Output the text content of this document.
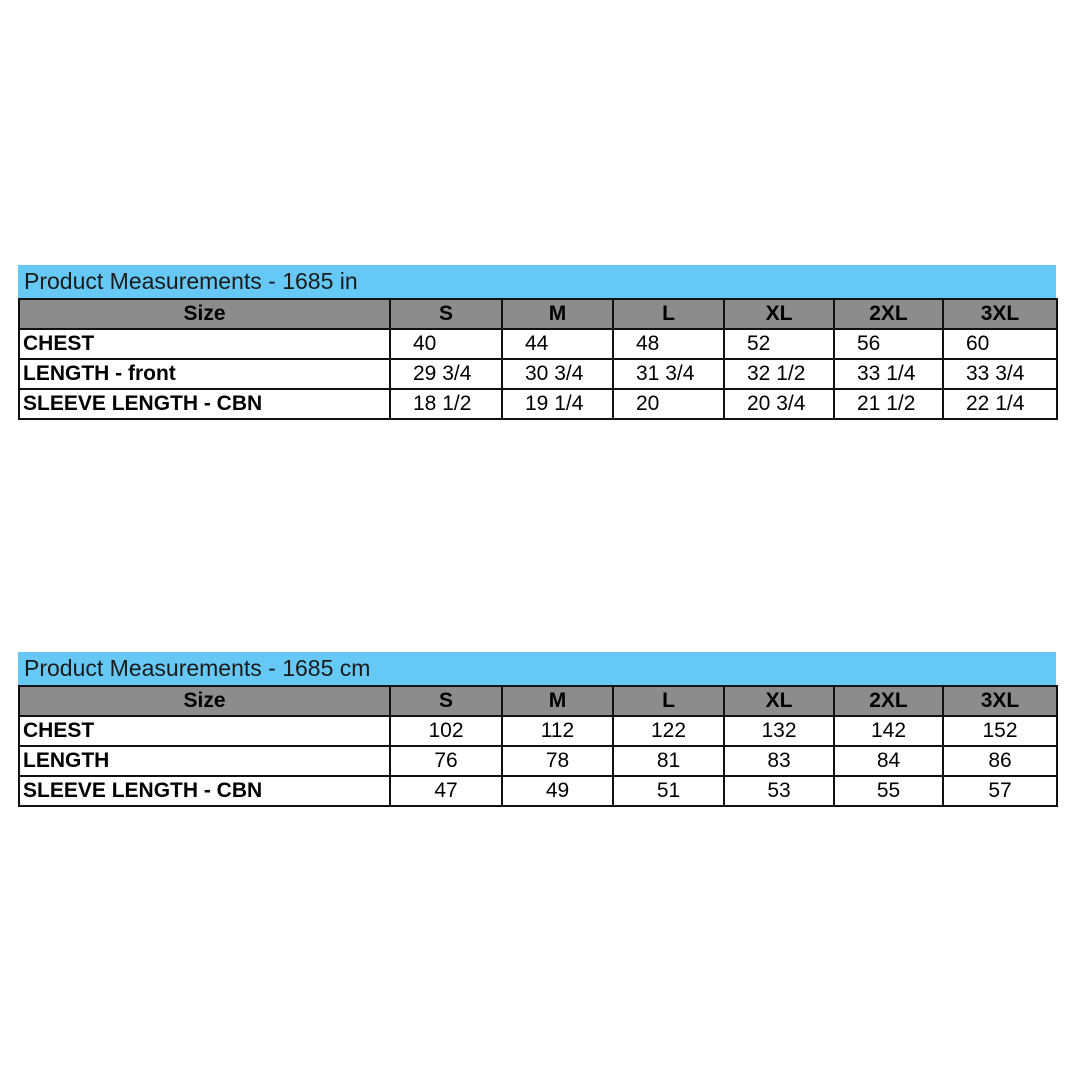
Product Measurements - 1685 in
Size	S	M	L	XL	2XL	3XL
CHEST	40	44	48	52	56	60
LENGTH - front	29 3/4	30 3/4	31 3/4	32 1/2	33 1/4	33 3/4
SLEEVE LENGTH - CBN	18 1/2	19 1/4	20	20 3/4	21 1/2	22 1/4
Product Measurements - 1685 cm
Size	S	M	L	XL	2XL	3XL
CHEST	102	112	122	132	142	152
LENGTH	76	78	81	83	84	86
SLEEVE LENGTH - CBN	47	49	51	53	55	57
